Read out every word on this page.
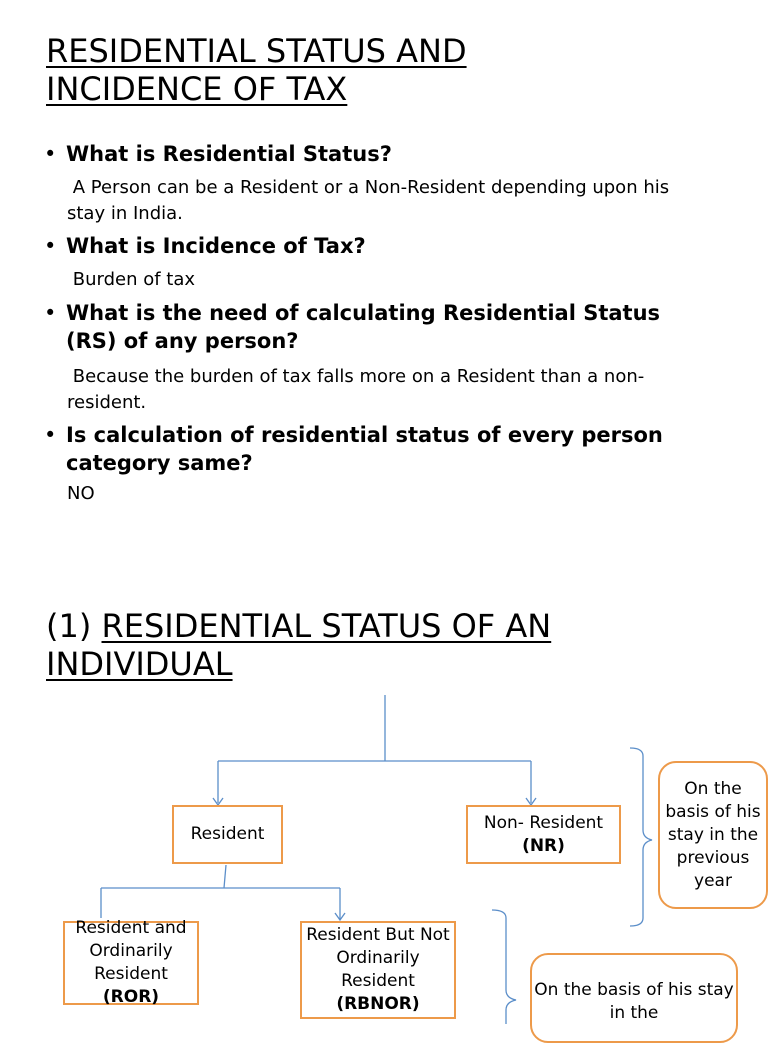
RESIDENTIAL STATUS AND
INCIDENCE OF TAX
• What is Residential Status?
A Person can be a Resident or a Non-Resident depending upon his stay in India.
• What is Incidence of Tax?
Burden of tax
• What is the need of calculating Residential Status (RS) of any person?
Because the burden of tax falls more on a Resident than a non- resident.
• Is calculation of residential status of every person category same?
NO
(1) RESIDENTIAL STATUS OF AN
INDIVIDUAL
Resident
Non- Resident
(NR)
Resident and Ordinarily Resident
(ROR)
Resident But Not Ordinarily Resident
(RBNOR)
On the basis of his stay in the previous year
On the basis of his stay in the
